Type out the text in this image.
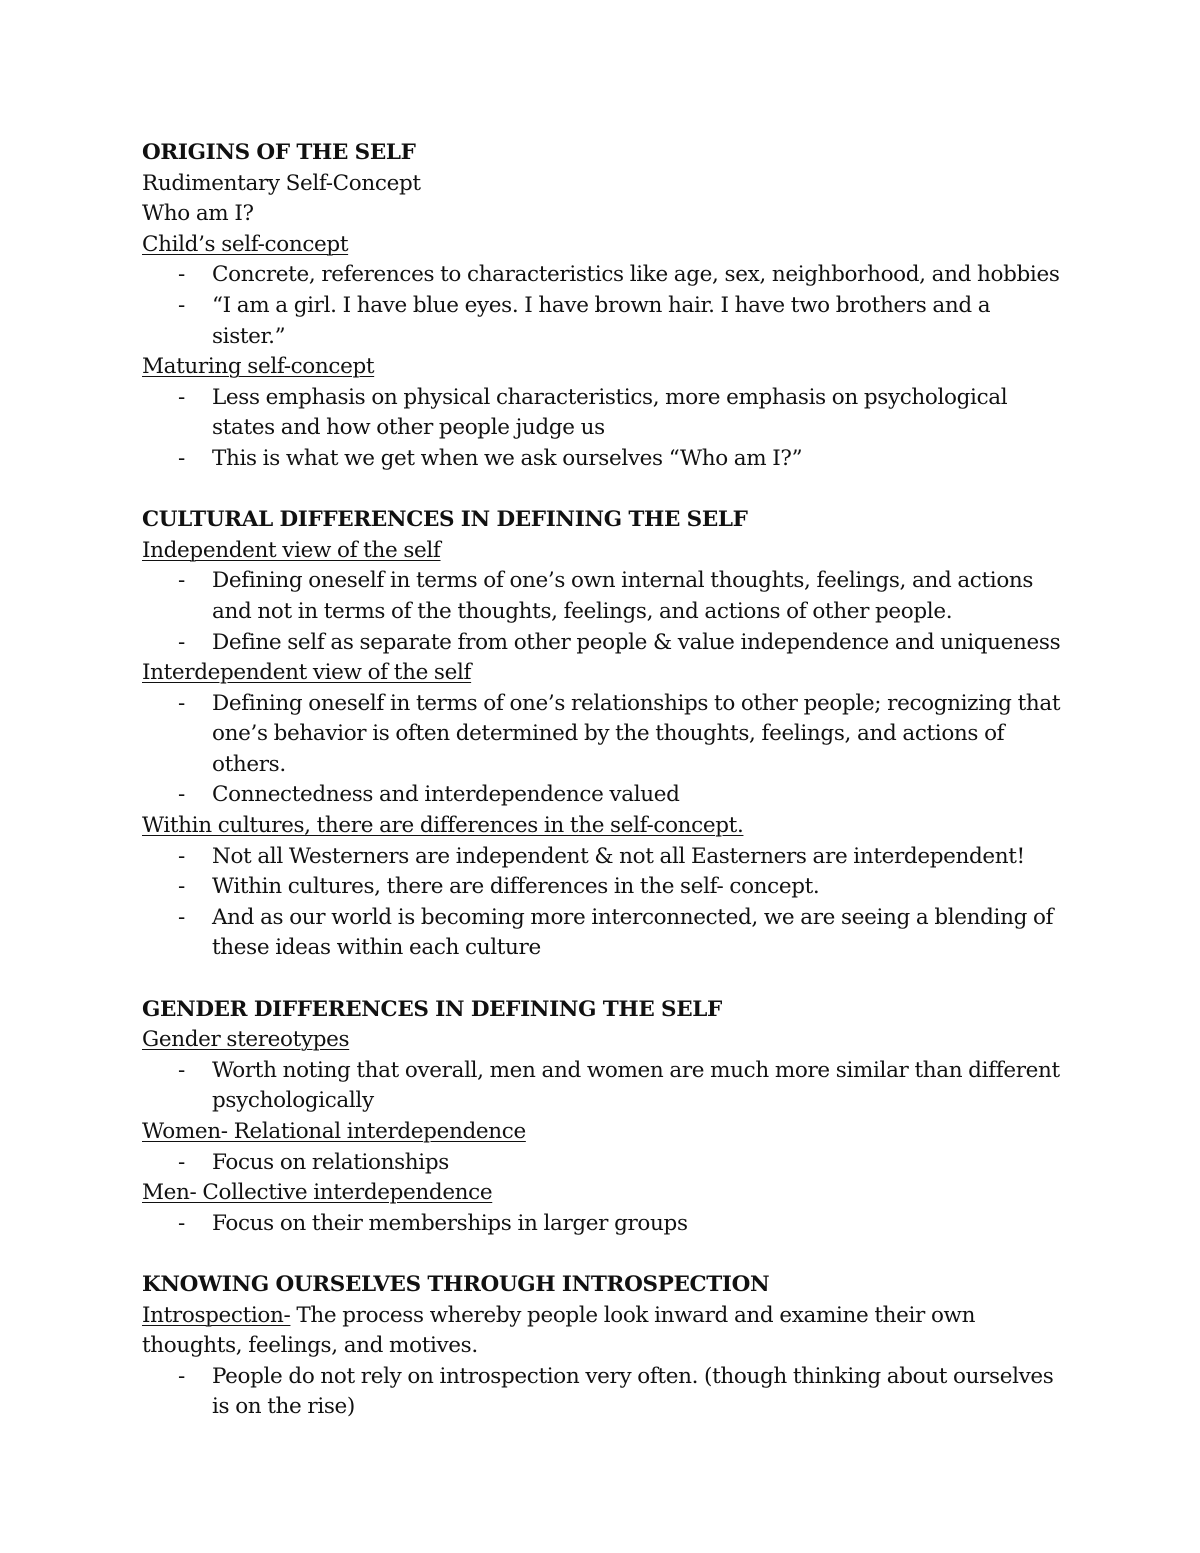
ORIGINS OF THE SELF
Rudimentary Self-Concept
Who am I?
Child’s self-concept
- Concrete, references to characteristics like age, sex, neighborhood, and hobbies
- “I am a girl. I have blue eyes. I have brown hair. I have two brothers and a sister.”
Maturing self-concept
- Less emphasis on physical characteristics, more emphasis on psychological states and how other people judge us
- This is what we get when we ask ourselves “Who am I?”
CULTURAL DIFFERENCES IN DEFINING THE SELF
Independent view of the self
- Defining oneself in terms of one’s own internal thoughts, feelings, and actions and not in terms of the thoughts, feelings, and actions of other people.
- Define self as separate from other people & value independence and uniqueness
Interdependent view of the self
- Defining oneself in terms of one’s relationships to other people; recognizing that one’s behavior is often determined by the thoughts, feelings, and actions of others.
- Connectedness and interdependence valued
Within cultures, there are differences in the self-concept.
- Not all Westerners are independent & not all Easterners are interdependent!
- Within cultures, there are differences in the self- concept.
- And as our world is becoming more interconnected, we are seeing a blending of these ideas within each culture
GENDER DIFFERENCES IN DEFINING THE SELF
Gender stereotypes
- Worth noting that overall, men and women are much more similar than different psychologically
Women- Relational interdependence
- Focus on relationships
Men- Collective interdependence
- Focus on their memberships in larger groups
KNOWING OURSELVES THROUGH INTROSPECTION
Introspection- The process whereby people look inward and examine their own thoughts, feelings, and motives.
- People do not rely on introspection very often. (though thinking about ourselves is on the rise)
